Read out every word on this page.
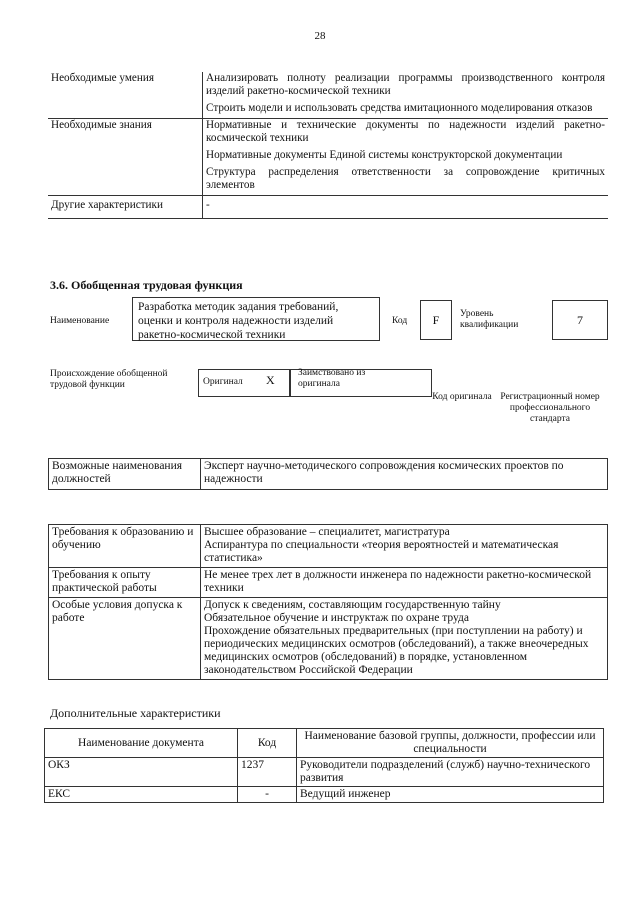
28
Необходимые умения	Анализировать полноту реализации программы производственного контроля изделий ракетно-космической техники
Строить модели и использовать средства имитационного моделирования отказов

Необходимые знания	Нормативные и технические документы по надежности изделий ракетно-космической техники
Нормативные документы Единой системы конструкторской документации
Структура распределения ответственности за сопровождение критичных элементов

Другие характеристики	-
3.6. Обобщенная трудовая функция
Наименование
Разработка методик задания требований, оценки и контроля надежности изделий ракетно-космической техники
Код	F	Уровень квалификации	7
Происхождение обобщенной трудовой функции	Оригинал X Заимствовано из оригинала
Код оригинала Регистрационный номер профессионального стандарта
Возможные наименования должностей	Эксперт научно-методического сопровождения космических проектов по надежности
Требования к образованию и обучению	Высшее образование – специалитет, магистратура
Аспирантура по специальности «теория вероятностей и математическая статистика»

Требования к опыту практической работы	Не менее трех лет в должности инженера по надежности ракетно-космической техники

Особые условия допуска к работе	Допуск к сведениям, составляющим государственную тайну
Обязательное обучение и инструктаж по охране труда
Прохождение обязательных предварительных (при поступлении на работу) и периодических медицинских осмотров (обследований), а также внеочередных медицинских осмотров (обследований) в порядке, установленном законодательством Российской Федерации
Дополнительные характеристики
Наименование документа	Код	Наименование базовой группы, должности, профессии или специальности
ОКЗ	1237	Руководители подразделений (служб) научно-технического развития
ЕКС	-	Ведущий инженер
